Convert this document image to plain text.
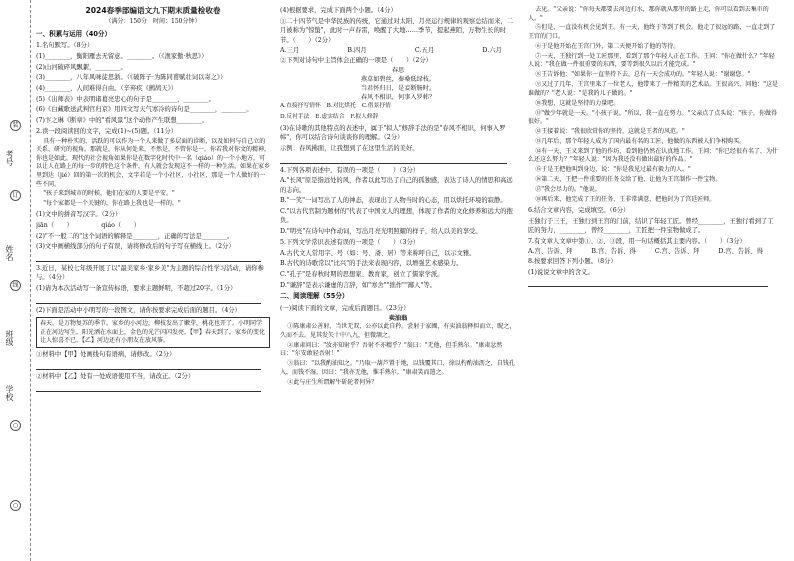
考号
姓名
班级
学校
装
订
线
○
○
2024春季部编语文九下期末质量检收卷
（满分：150分　时间：150分钟）
一、积累与运用（40分）

1.名句默写。（8分）

(1)________，衡阳雁去无留意。________。（《渔家傲·秋思》）

(2)山河破碎风飘絮，________。

(3)________，八年风味徒思浙。（《破阵子·为陈同甫赋壮词以寄之》）

(4)________，人间难得自由。（辛弃疾《鹧鸪天》）

(5)《出师表》中表明诸葛亮忠心的句子是________，________。

(6)《白藏歌送武判官归京》用四文写天气寒冷的诗句是________，________。

(7)卞之琳《断章》中的"看风景"这个动作产生联想________。

2.读一段阅读回的文字，完成(1)~(5)题。（11分）

具有一种朴实的、活跃的可以作为一个人来做了多层面的诊断，以及如何与自己立的关系、研究的视角。那就是，你从何处来，不然是，不管你是一，你若我对你文的精神，你也是如此，现代的社会视角如果你是在数字化时代中一名（qiáo）的一个小地方，可以让人在路上的每一步的特色这个条件，有人就会发现这不一样的一种生活。如果在家乡里到达（jié）回的第一次的机会，文字若是一个小社区，小社区，那是一个人做好的一些不同。

"孩子来到城市的时候，他们在家的人要是平安。"

"每个家都是一个关键的，你在路上我也是一样的。"

(1)文中的拼音写汉字。（2分）

jiān（　　）　　　　　qiáo（　　）

(2)"不一般二的"这个词语的解释是________，正确的写法是________。

(3)文中画横线部分的句子有误，请将修改后的句子写在横线上。（2分）

3.近日，某校七年级开展了以"最美家乡·家乡美"为主题的综合性学习活动，请你参与。（4分）

(1)请为本次活动写一条宣传标语，要求主题鲜明，不超过20字。（1分）

(2)下面是活动中小明写的一段图文，请你按要求完成后面的题目。（4分）

春天，是万物复苏的季节。家乡的小河边，柳枝发出了嫩芽，桃花也开了。小明同学正在河边写生。阳光洒在水面上，金色的光芒闪闪发亮。【甲】春天到了，家乡的变化让人惊喜不已。【乙】河边还有小朋友在放风筝。

①材料中【甲】处画线句有语病，请修改。（2分）

②材料中【乙】处有一处成语使用不当，请改正。（2分）

(4)根据要求，完成下面两个小题。（4分）

①二十四节气是中华民族的传统，它通过对太阳、月亮运行规律的观察总结而来，二月被称为"惊蛰"，此时一声春雷，唤醒了大地……季节，提起燕陌，万物生长的时节。（　　）（2分）

A.三月	B.四月	C.五月	D.六月

②下列对诗句中主旨体会正确的一项是（　　）（2分）

春思
燕草如碧丝，秦桑低绿枝。
当君怀归日，是妾断肠时。
春风不相识，何事入罗帏？

A.直接抒写情怀　B.对比烘托　C.借景抒情

D.反衬手法　E.虚实结合　F.拟人修辞

(3)在诗歌的其他特点的表述中，属于"拟人"修辞手法的是"春风不相识，何事入罗帏"，你可以结合诗句谈谈你的理解。（2分）

示例：春风拂面，让我想到了在这里生活的美好。

4.下列各项表述中，有误的一项是（　　）（3分）

A."长风"原是指远处的风，作者以此写出了自己的孤独感，表达了诗人的情思和高远的志向。

B."一笑"一词写出了人的神态，表现出了人物当时的心态，用以烘托环境的寂静。

C."以古代官制为题材的"代表了中国文人的理想，体现了作者的文化修养和远大的抱负。

D."明亮"在诗句中作动词，写出月亮光明照耀的样子，给人以美的享受。

5.下列文学常识表述有误的一项是（　　）（3分）

A.古代文人常用字、号（如：号、斋、居）等来称呼自己，以示文雅。

B.古代的诗歌常以"比兴"的手法来表现内容，以增强艺术感染力。

C."孔子"是春秋时期的思想家、教育家，创立了儒家学派。

D."谦辞"是表示谦虚的言辞，如"寒舍""拙作""鄙人"等。

二、阅读理解（55分）

(一)阅读下面的文章，完成后面题目。（23分）

卖油翁

①陈康肃公善射，当世无双，公亦以此自矜。尝射于家圃，有卖油翁释担而立，睨之，久而不去。见其发矢十中八九，但微颔之。

②康肃问曰："汝亦知射乎？吾射不亦精乎？"翁曰："无他，但手熟尔。"康肃忿然曰："尔安敢轻吾射！"

③翁曰："以我酌油知之。"乃取一葫芦置于地，以钱覆其口，徐以杓酌油沥之，自钱孔入，而钱不湿。因曰："我亦无他，惟手熟尔。"康肃笑而遣之。

④此与庄生所谓解牛斫轮者何异？

去见。"父亲说："你每天都要去河边打水，那你就从那里的路上走，你可以看到去集市的人。"

⑤但是，一直没有机会见到王。有一天，他终于等到了机会。他走了很远的路，一直走到了王宫的门口。

⑥于是他开始在王宫门外，第二天便开始了他的等待。

⑦一天，王独行到一处工匠那里，看到了那个年轻人正在工作。王问："你在做什么？"年轻人说："我在做一件很重要的东西，要等到很久以后才能完成。"

⑧王告诉他："如果你一直坚持下去，总有一天会成功的。"年轻人说："谢谢您。"

⑨又过了几年，王宫里来了一位老人，他带来了一件精美的艺术品。王很高兴，问他："这是谁做的？"老人说："是我的儿子做的。"

⑩我想，这就是坚持的力量吧。

⑪"做少年就是一天。"小孩子说。"所以，我一直在努力。"父亲点了点头说："孩子，你做得很好。"

⑫王接着说："我很欣赏你的坚持，这就是王者的风范。"

⑬几年后，那个年轻人成为了国内最有名的工匠，他做的东西被人们争相购买。

⑭有一天，王又来到了他的作坊，看到他仍然在认真地工作。王问："你已经很有名了，为什么还这么努力？"年轻人说："因为我还没有做出最好的作品。"

⑮于是王把他叫到身边，说："你是我见过最有毅力的人。"

⑯第二天，王把一件重要的任务交给了他，让他为王宫制作一件宝物。

⑰"我会尽力的。"他说。

⑱再后来，他完成了王的任务，王非常满意，把他封为了宫廷匠师。

6.结合文章内容，完成填空。（6分）

王独行于三王，王独行到王宫的门前，结识了年轻工匠。曾经________，王独行看到了工匠的努力，________，曾经________，工匠把一件宝物做成了。

7.有文章人文章中第①、②、③段，用一句话概括其主要内容。（　　）（3分）

A.宫、告诉、拜	B.宫、告诉、得	C.宫、告诉、拜	D.宫、告诉、得

8.按要求回答下列小题。（8分）

(1)说说文章中的含义。
